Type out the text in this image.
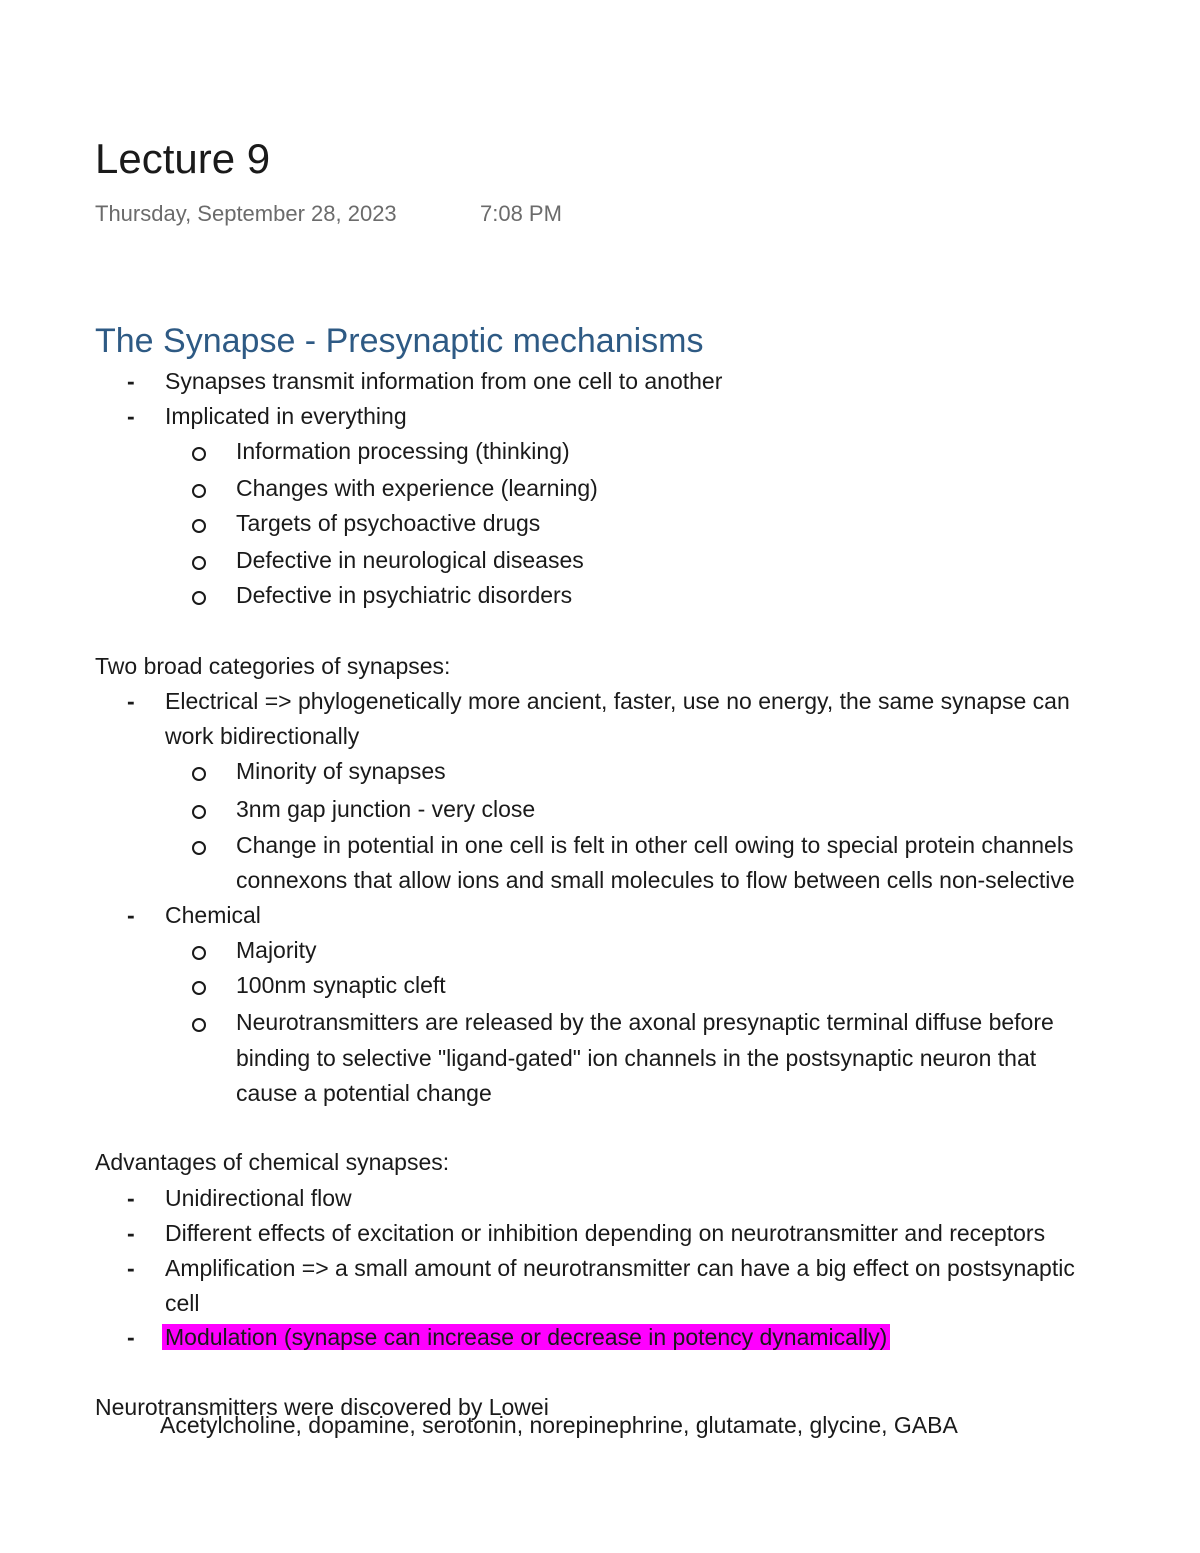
Lecture 9
Thursday, September 28, 2023	7:08 PM
The Synapse - Presynaptic mechanisms
- Synapses transmit information from one cell to another
- Implicated in everything
Information processing (thinking)
Changes with experience (learning)
Targets of psychoactive drugs
Defective in neurological diseases
Defective in psychiatric disorders
Two broad categories of synapses:
- Electrical => phylogenetically more ancient, faster, use no energy, the same synapse can
work bidirectionally
Minority of synapses
3nm gap junction - very close
Change in potential in one cell is felt in other cell owing to special protein channels
connexons that allow ions and small molecules to flow between cells non-selective
- Chemical
Majority
100nm synaptic cleft
Neurotransmitters are released by the axonal presynaptic terminal diffuse before
binding to selective "ligand-gated" ion channels in the postsynaptic neuron that
cause a potential change
Advantages of chemical synapses:
- Unidirectional flow
- Different effects of excitation or inhibition depending on neurotransmitter and receptors
- Amplification => a small amount of neurotransmitter can have a big effect on postsynaptic
cell
- Modulation (synapse can increase or decrease in potency dynamically)
Neurotransmitters were discovered by Lowei
Acetylcholine, dopamine, serotonin, norepinephrine, glutamate, glycine, GABA
